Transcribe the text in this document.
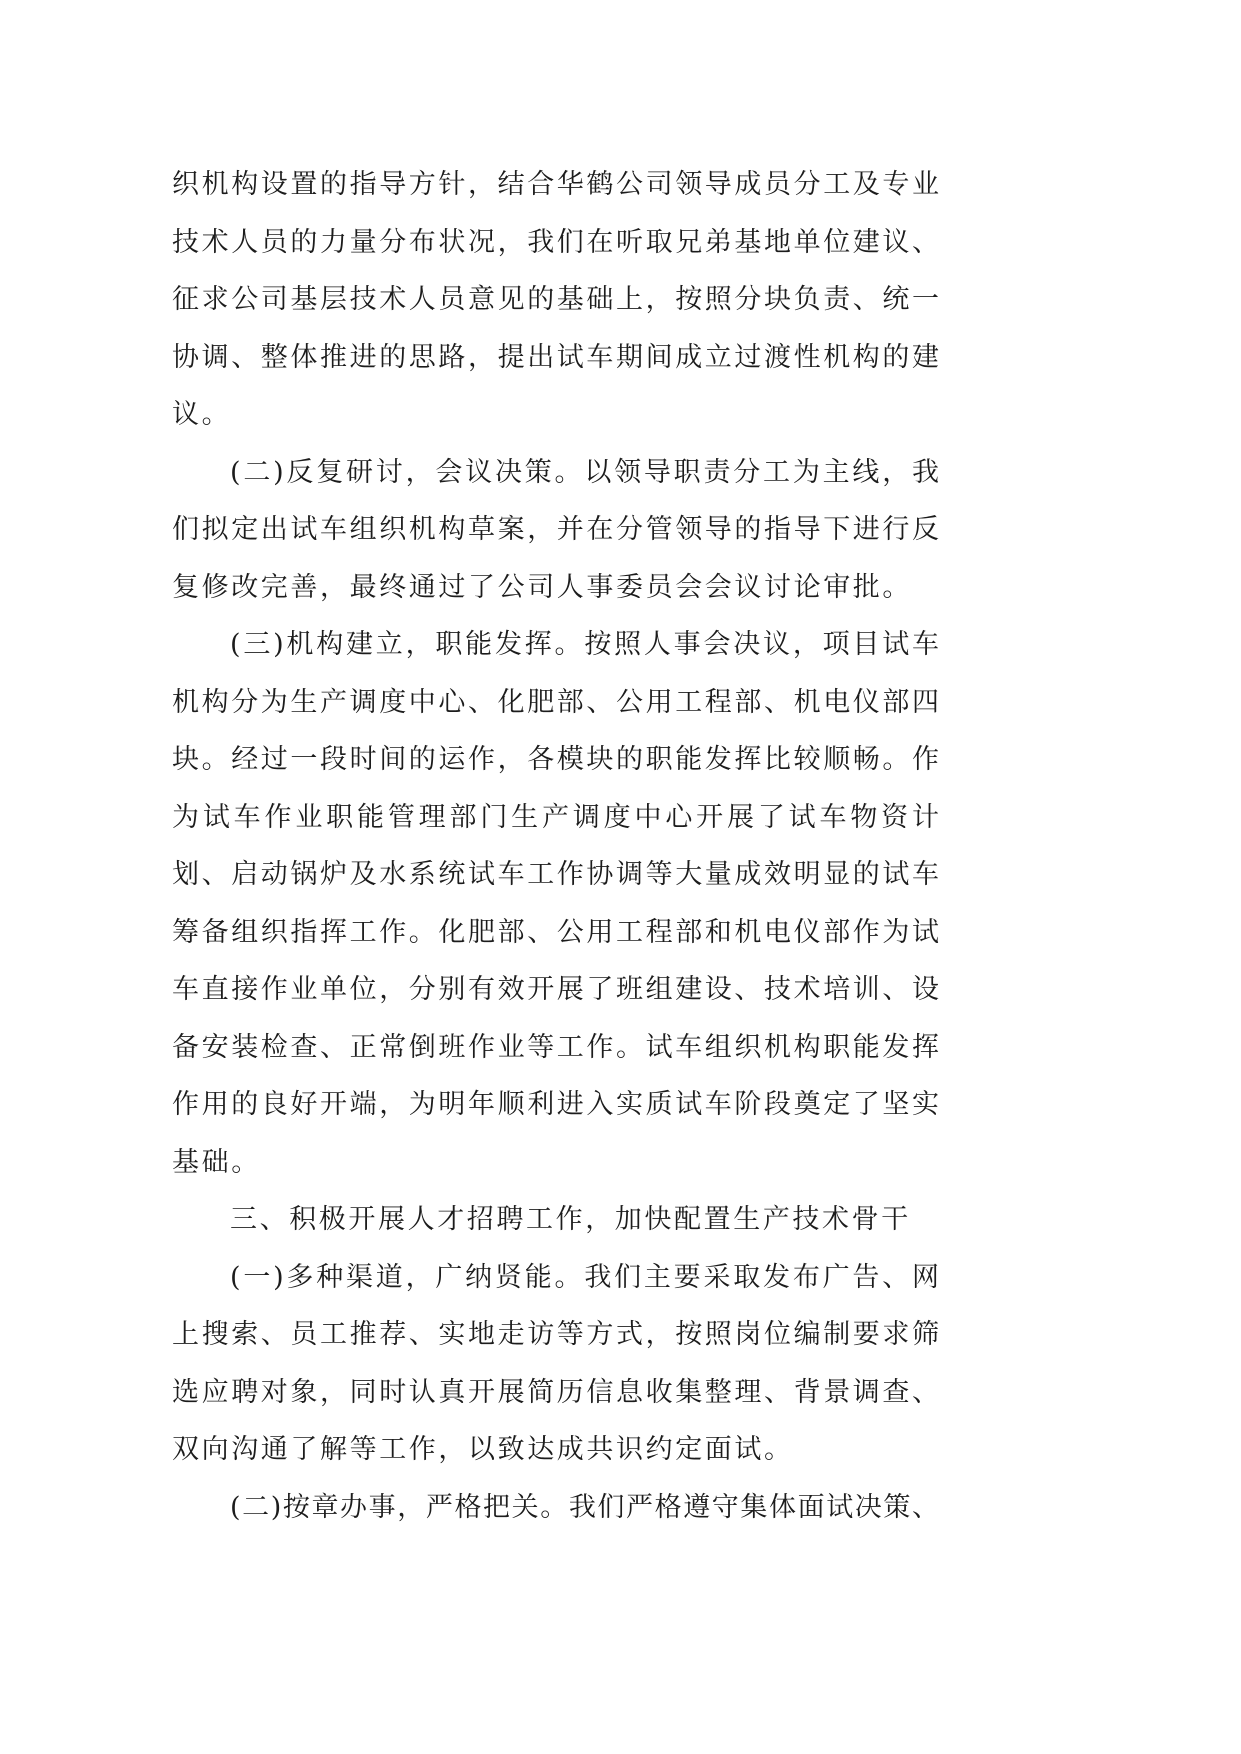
织机构设置的指导方针，结合华鹤公司领导成员分工及专业
技术人员的力量分布状况，我们在听取兄弟基地单位建议、
征求公司基层技术人员意见的基础上，按照分块负责、统一
协调、整体推进的思路，提出试车期间成立过渡性机构的建
议。
(二)反复研讨，会议决策。以领导职责分工为主线，我
们拟定出试车组织机构草案，并在分管领导的指导下进行反
复修改完善，最终通过了公司人事委员会会议讨论审批。
(三)机构建立，职能发挥。按照人事会决议，项目试车
机构分为生产调度中心、化肥部、公用工程部、机电仪部四
块。经过一段时间的运作，各模块的职能发挥比较顺畅。作
为试车作业职能管理部门生产调度中心开展了试车物资计
划、启动锅炉及水系统试车工作协调等大量成效明显的试车
筹备组织指挥工作。化肥部、公用工程部和机电仪部作为试
车直接作业单位，分别有效开展了班组建设、技术培训、设
备安装检查、正常倒班作业等工作。试车组织机构职能发挥
作用的良好开端，为明年顺利进入实质试车阶段奠定了坚实
基础。
三、积极开展人才招聘工作，加快配置生产技术骨干
(一)多种渠道，广纳贤能。我们主要采取发布广告、网
上搜索、员工推荐、实地走访等方式，按照岗位编制要求筛
选应聘对象，同时认真开展简历信息收集整理、背景调查、
双向沟通了解等工作，以致达成共识约定面试。
(二)按章办事，严格把关。我们严格遵守集体面试决策、
